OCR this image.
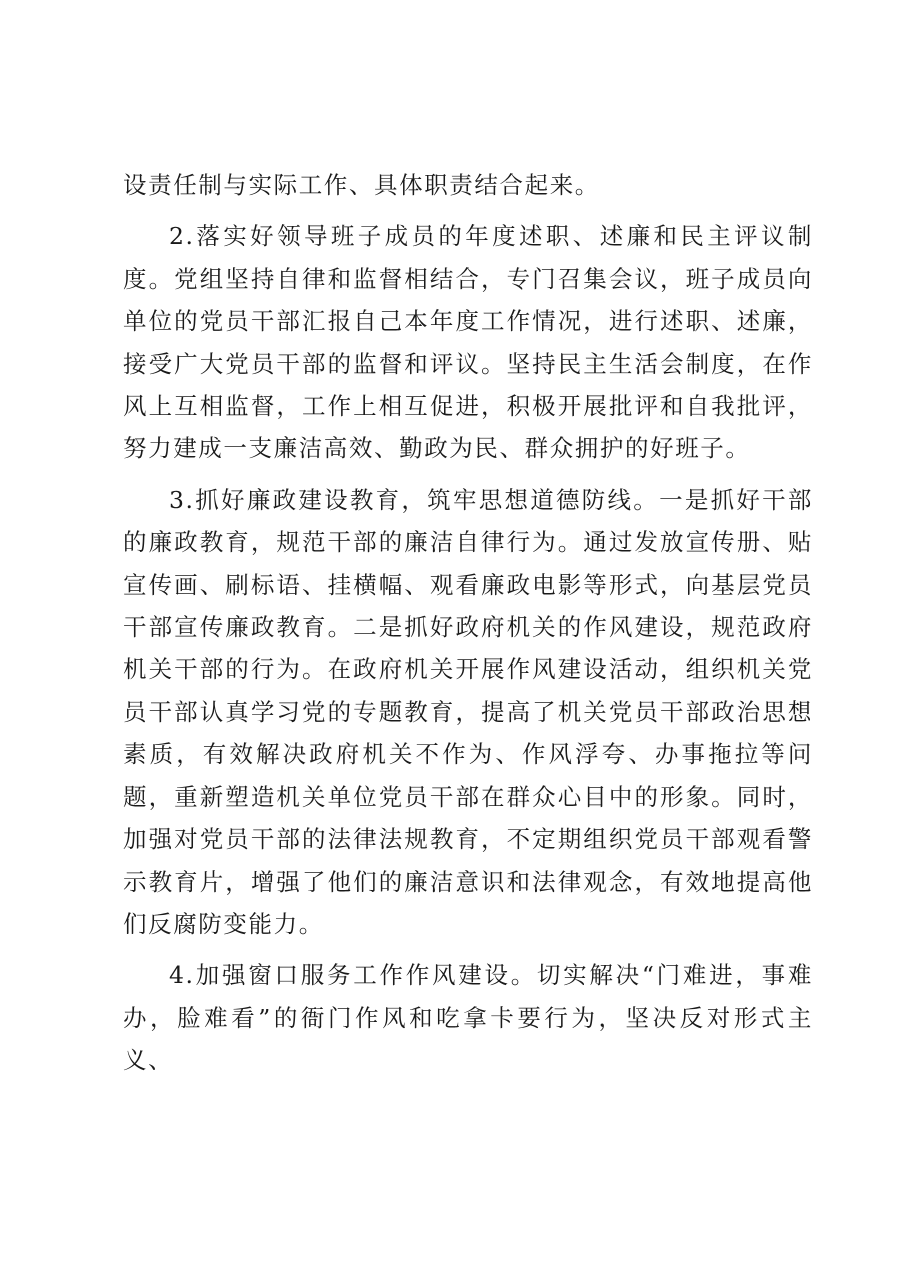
设责任制与实际工作、具体职责结合起来。

2.落实好领导班子成员的年度述职、述廉和民主评议制度。党组坚持自律和监督相结合，专门召集会议，班子成员向单位的党员干部汇报自己本年度工作情况，进行述职、述廉，接受广大党员干部的监督和评议。坚持民主生活会制度，在作风上互相监督，工作上相互促进，积极开展批评和自我批评，努力建成一支廉洁高效、勤政为民、群众拥护的好班子。

3.抓好廉政建设教育，筑牢思想道德防线。一是抓好干部的廉政教育，规范干部的廉洁自律行为。通过发放宣传册、贴宣传画、刷标语、挂横幅、观看廉政电影等形式，向基层党员干部宣传廉政教育。二是抓好政府机关的作风建设，规范政府机关干部的行为。在政府机关开展作风建设活动，组织机关党员干部认真学习党的专题教育，提高了机关党员干部政治思想素质，有效解决政府机关不作为、作风浮夸、办事拖拉等问题，重新塑造机关单位党员干部在群众心目中的形象。同时，加强对党员干部的法律法规教育，不定期组织党员干部观看警示教育片，增强了他们的廉洁意识和法律观念，有效地提高他们反腐防变能力。

4.加强窗口服务工作作风建设。切实解决“门难进，事难办，脸难看”的衙门作风和吃拿卡要行为，坚决反对形式主义、
